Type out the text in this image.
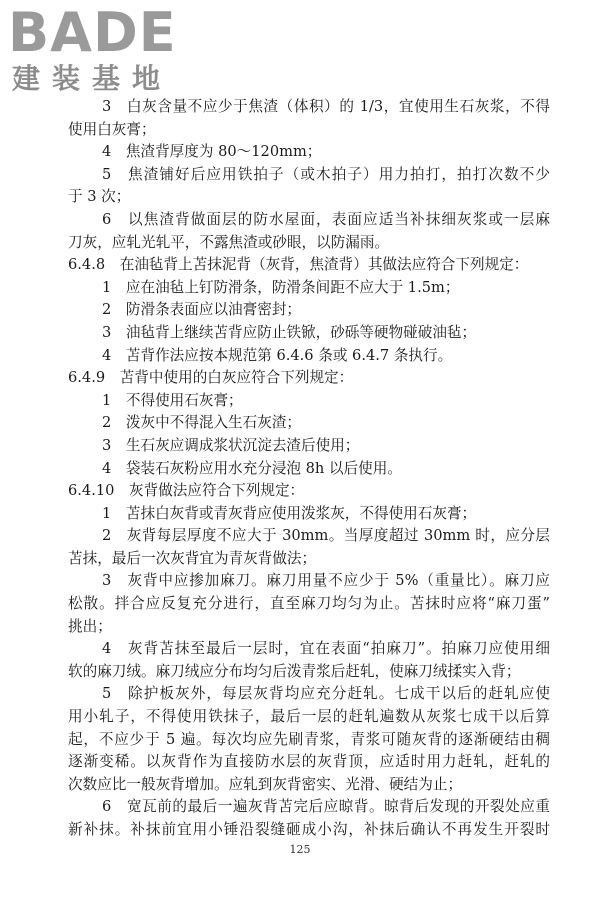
BADE
建装基地
3　白灰含量不应少于焦渣（体积）的 1/3，宜使用生石灰浆，不得
使用白灰膏；
4　焦渣背厚度为 80～120mm；
5　焦渣铺好后应用铁拍子（或木拍子）用力拍打，拍打次数不少
于 3 次；
6　以焦渣背做面层的防水屋面，表面应适当补抹细灰浆或一层麻
刀灰，应轧光轧平，不露焦渣或砂眼，以防漏雨。
6.4.8　在油毡背上苫抹泥背（灰背，焦渣背）其做法应符合下列规定：
1　应在油毡上钉防滑条，防滑条间距不应大于 1.5m；
2　防滑条表面应以油膏密封；
3　油毡背上继续苫背应防止铁锨，砂砾等硬物碰破油毡；
4　苫背作法应按本规范第 6.4.6 条或 6.4.7 条执行。
6.4.9　苫背中使用的白灰应符合下列规定：
1　不得使用石灰膏；
2　泼灰中不得混入生石灰渣；
3　生石灰应调成浆状沉淀去渣后使用；
4　袋装石灰粉应用水充分浸泡 8h 以后使用。
6.4.10　灰背做法应符合下列规定：
1　苫抹白灰背或青灰背应使用泼浆灰，不得使用石灰膏；
2　灰背每层厚度不应大于 30mm。当厚度超过 30mm 时，应分层
苫抹，最后一次灰背宜为青灰背做法；
3　灰背中应掺加麻刀。麻刀用量不应少于 5%（重量比）。麻刀应
松散。拌合应反复充分进行，直至麻刀均匀为止。苫抹时应将“麻刀蛋”
挑出；
4　灰背苫抹至最后一层时，宜在表面“拍麻刀”。拍麻刀应使用细
软的麻刀绒。麻刀绒应分布均匀后泼青浆后赶轧，使麻刀绒揉实入背；
5　除护板灰外，每层灰背均应充分赶轧。七成干以后的赶轧应使
用小轧子，不得使用铁抹子，最后一层的赶轧遍数从灰浆七成干以后算
起，不应少于 5 遍。每次均应先刷青浆，青浆可随灰背的逐渐硬结由稠
逐渐变稀。以灰背作为直接防水层的灰背顶，应适时用力赶轧，赶轧的
次数应比一般灰背增加。应轧到灰背密实、光滑、硬结为止；
6　宽瓦前的最后一遍灰背苫完后应晾背。晾背后发现的开裂处应重
新补抹。补抹前宜用小锤沿裂缝砸成小沟，补抹后确认不再发生开裂时
125
